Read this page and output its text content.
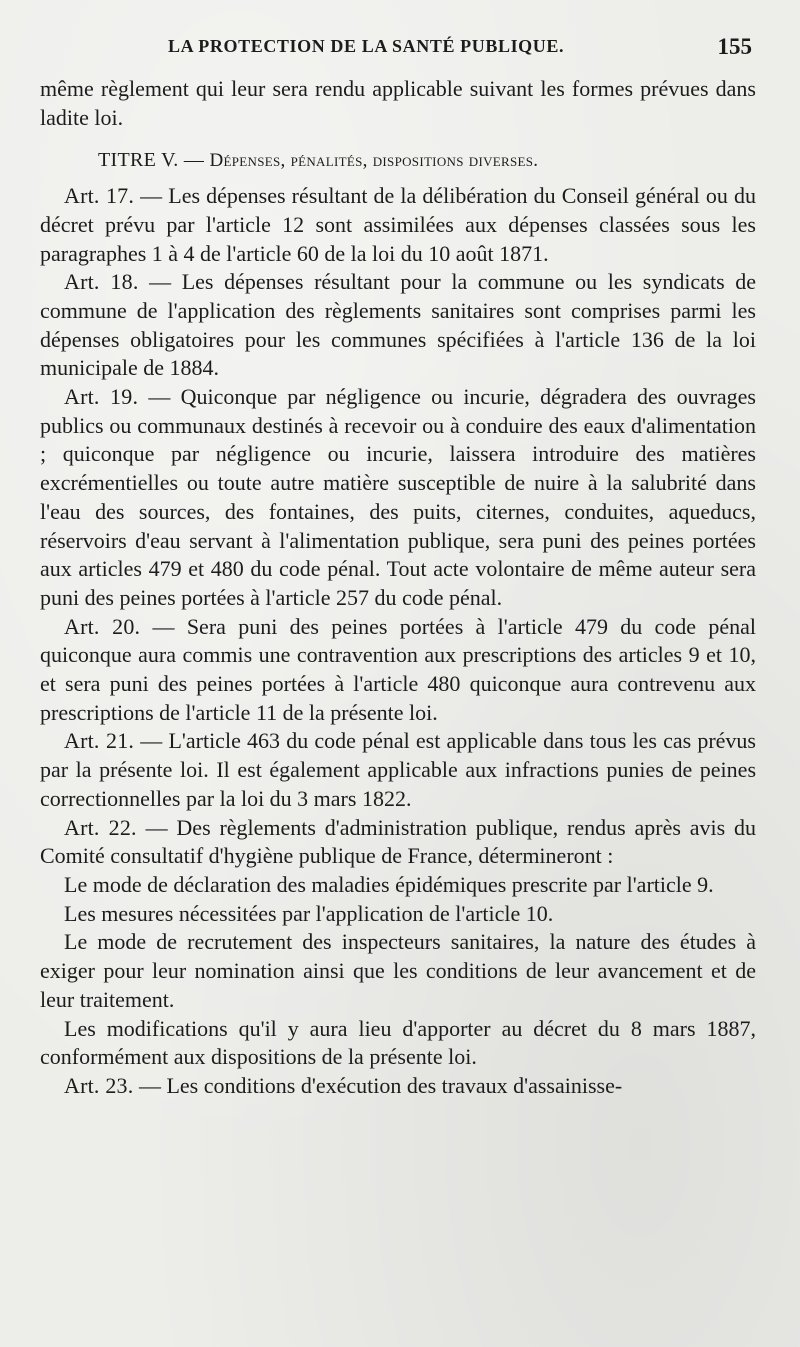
LA PROTECTION DE LA SANTÉ PUBLIQUE.	155

même règlement qui leur sera rendu applicable suivant les formes prévues dans ladite loi.

TITRE V. — Dépenses, pénalités, dispositions diverses.

Art. 17. — Les dépenses résultant de la délibération du Conseil général ou du décret prévu par l'article 12 sont assimilées aux dépenses classées sous les paragraphes 1 à 4 de l'article 60 de la loi du 10 août 1871.

Art. 18. — Les dépenses résultant pour la commune ou les syndicats de commune de l'application des règlements sanitaires sont comprises parmi les dépenses obligatoires pour les communes spécifiées à l'article 136 de la loi municipale de 1884.

Art. 19. — Quiconque par négligence ou incurie, dégradera des ouvrages publics ou communaux destinés à recevoir ou à conduire des eaux d'alimentation ; quiconque par négligence ou incurie, laissera introduire des matières excrémentielles ou toute autre matière susceptible de nuire à la salubrité dans l'eau des sources, des fontaines, des puits, citernes, conduites, aqueducs, réservoirs d'eau servant à l'alimentation publique, sera puni des peines portées aux articles 479 et 480 du code pénal. Tout acte volontaire de même auteur sera puni des peines portées à l'article 257 du code pénal.

Art. 20. — Sera puni des peines portées à l'article 479 du code pénal quiconque aura commis une contravention aux prescriptions des articles 9 et 10, et sera puni des peines portées à l'article 480 quiconque aura contrevenu aux prescriptions de l'article 11 de la présente loi.

Art. 21. — L'article 463 du code pénal est applicable dans tous les cas prévus par la présente loi. Il est également applicable aux infractions punies de peines correctionnelles par la loi du 3 mars 1822.

Art. 22. — Des règlements d'administration publique, rendus après avis du Comité consultatif d'hygiène publique de France, détermineront :

Le mode de déclaration des maladies épidémiques prescrite par l'article 9.

Les mesures nécessitées par l'application de l'article 10.

Le mode de recrutement des inspecteurs sanitaires, la nature des études à exiger pour leur nomination ainsi que les conditions de leur avancement et de leur traitement.

Les modifications qu'il y aura lieu d'apporter au décret du 8 mars 1887, conformément aux dispositions de la présente loi.

Art. 23. — Les conditions d'exécution des travaux d'assainisse-
